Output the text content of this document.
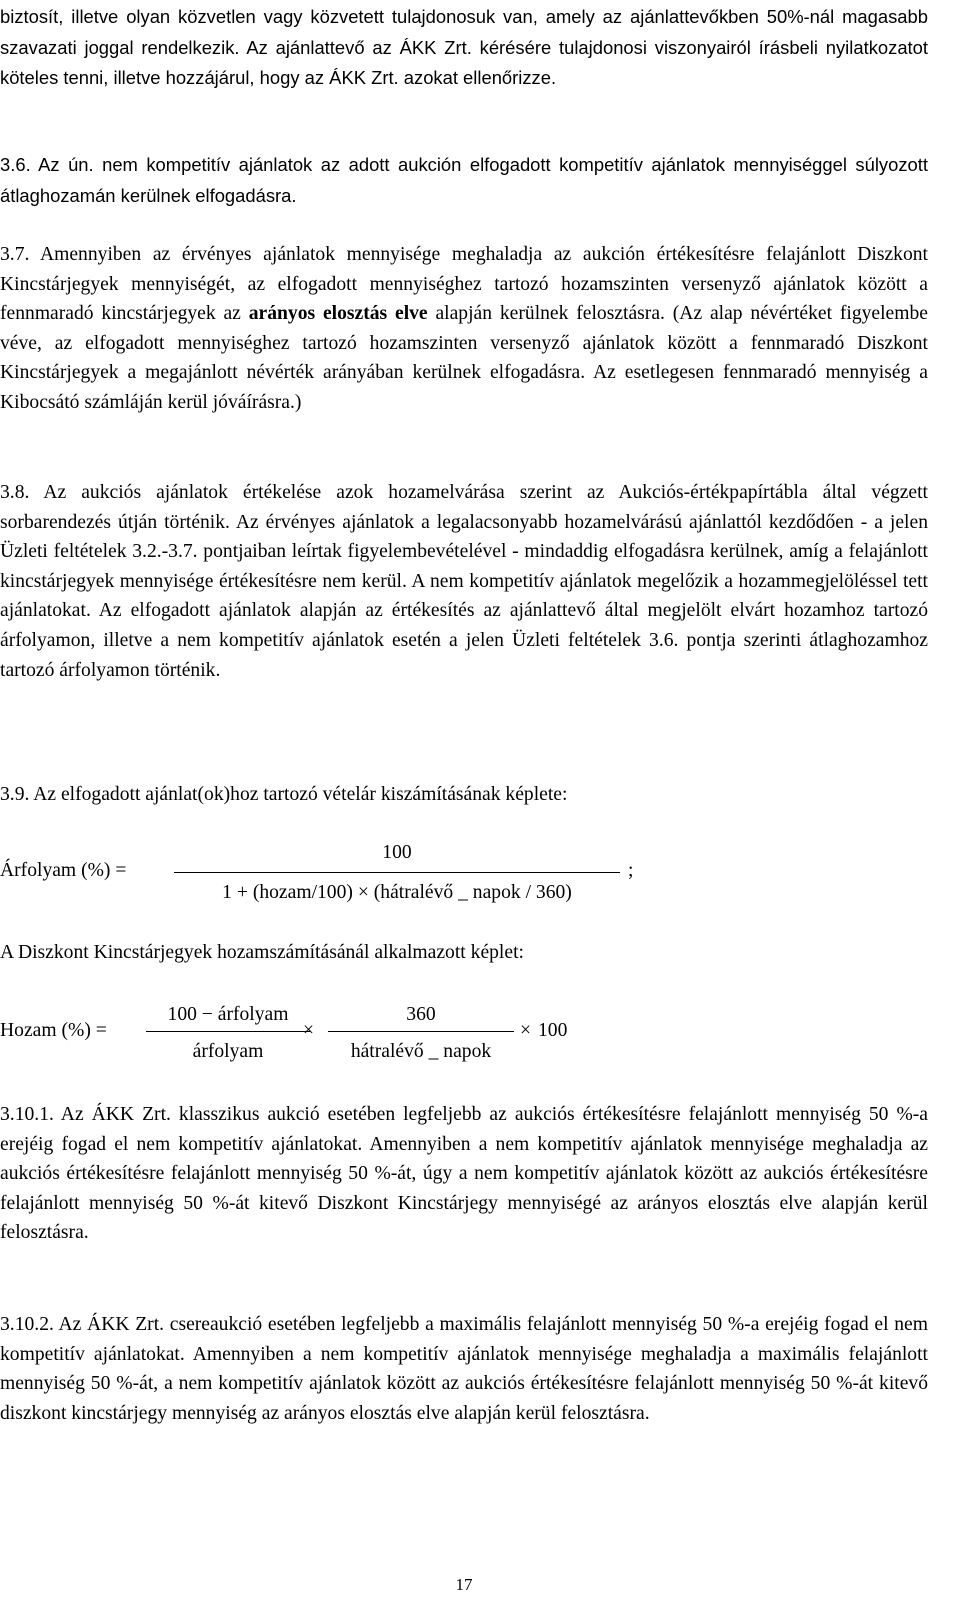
biztosít, illetve olyan közvetlen vagy közvetett tulajdonosuk van, amely az ajánlattevőkben 50%-nál magasabb szavazati joggal rendelkezik. Az ajánlattevő az ÁKK Zrt. kérésére tulajdonosi viszonyairól írásbeli nyilatkozatot köteles tenni, illetve hozzájárul, hogy az ÁKK Zrt. azokat ellenőrizze.

3.6. Az ún. nem kompetitív ajánlatok az adott aukción elfogadott kompetitív ajánlatok mennyiséggel súlyozott átlaghozamán kerülnek elfogadásra.

3.7. Amennyiben az érvényes ajánlatok mennyisége meghaladja az aukción értékesítésre felajánlott Diszkont Kincstárjegyek mennyiségét, az elfogadott mennyiséghez tartozó hozamszinten versenyző ajánlatok között a fennmaradó kincstárjegyek az arányos elosztás elve alapján kerülnek felosztásra. (Az alap névértéket figyelembe véve, az elfogadott mennyiséghez tartozó hozamszinten versenyző ajánlatok között a fennmaradó Diszkont Kincstárjegyek a megajánlott névérték arányában kerülnek elfogadásra. Az esetlegesen fennmaradó mennyiség a Kibocsátó számláján kerül jóváírásra.)

3.8. Az aukciós ajánlatok értékelése azok hozamelvárása szerint az Aukciós-értékpapírtábla által végzett sorbarendezés útján történik. Az érvényes ajánlatok a legalacsonyabb hozamelvárású ajánlattól kezdődően - a jelen Üzleti feltételek 3.2.-3.7. pontjaiban leírtak figyelembevételével - mindaddig elfogadásra kerülnek, amíg a felajánlott kincstárjegyek mennyisége értékesítésre nem kerül. A nem kompetitív ajánlatok megelőzik a hozammegjelöléssel tett ajánlatokat. Az elfogadott ajánlatok alapján az értékesítés az ajánlattevő által megjelölt elvárt hozamhoz tartozó árfolyamon, illetve a nem kompetitív ajánlatok esetén a jelen Üzleti feltételek 3.6. pontja szerinti átlaghozamhoz tartozó árfolyamon történik.

3.9. Az elfogadott ajánlat(ok)hoz tartozó vételár kiszámításának képlete:

Árfolyam (%) =
100
1 + (hozam/100) × (hátralévő _ napok / 360)
;

A Diszkont Kincstárjegyek hozamszámításánál alkalmazott képlet:

Hozam (%) =
100 − árfolyam
árfolyam
×
360
hátralévő _ napok
× 100

3.10.1. Az ÁKK Zrt. klasszikus aukció esetében legfeljebb az aukciós értékesítésre felajánlott mennyiség 50 %-a erejéig fogad el nem kompetitív ajánlatokat. Amennyiben a nem kompetitív ajánlatok mennyisége meghaladja az aukciós értékesítésre felajánlott mennyiség 50 %-át, úgy a nem kompetitív ajánlatok között az aukciós értékesítésre felajánlott mennyiség 50 %-át kitevő Diszkont Kincstárjegy mennyiségé az arányos elosztás elve alapján kerül felosztásra.

3.10.2. Az ÁKK Zrt. csereaukció esetében legfeljebb a maximális felajánlott mennyiség 50 %-a erejéig fogad el nem kompetitív ajánlatokat. Amennyiben a nem kompetitív ajánlatok mennyisége meghaladja a maximális felajánlott mennyiség 50 %-át, a nem kompetitív ajánlatok között az aukciós értékesítésre felajánlott mennyiség 50 %-át kitevő diszkont kincstárjegy mennyiség az arányos elosztás elve alapján kerül felosztásra.

17
